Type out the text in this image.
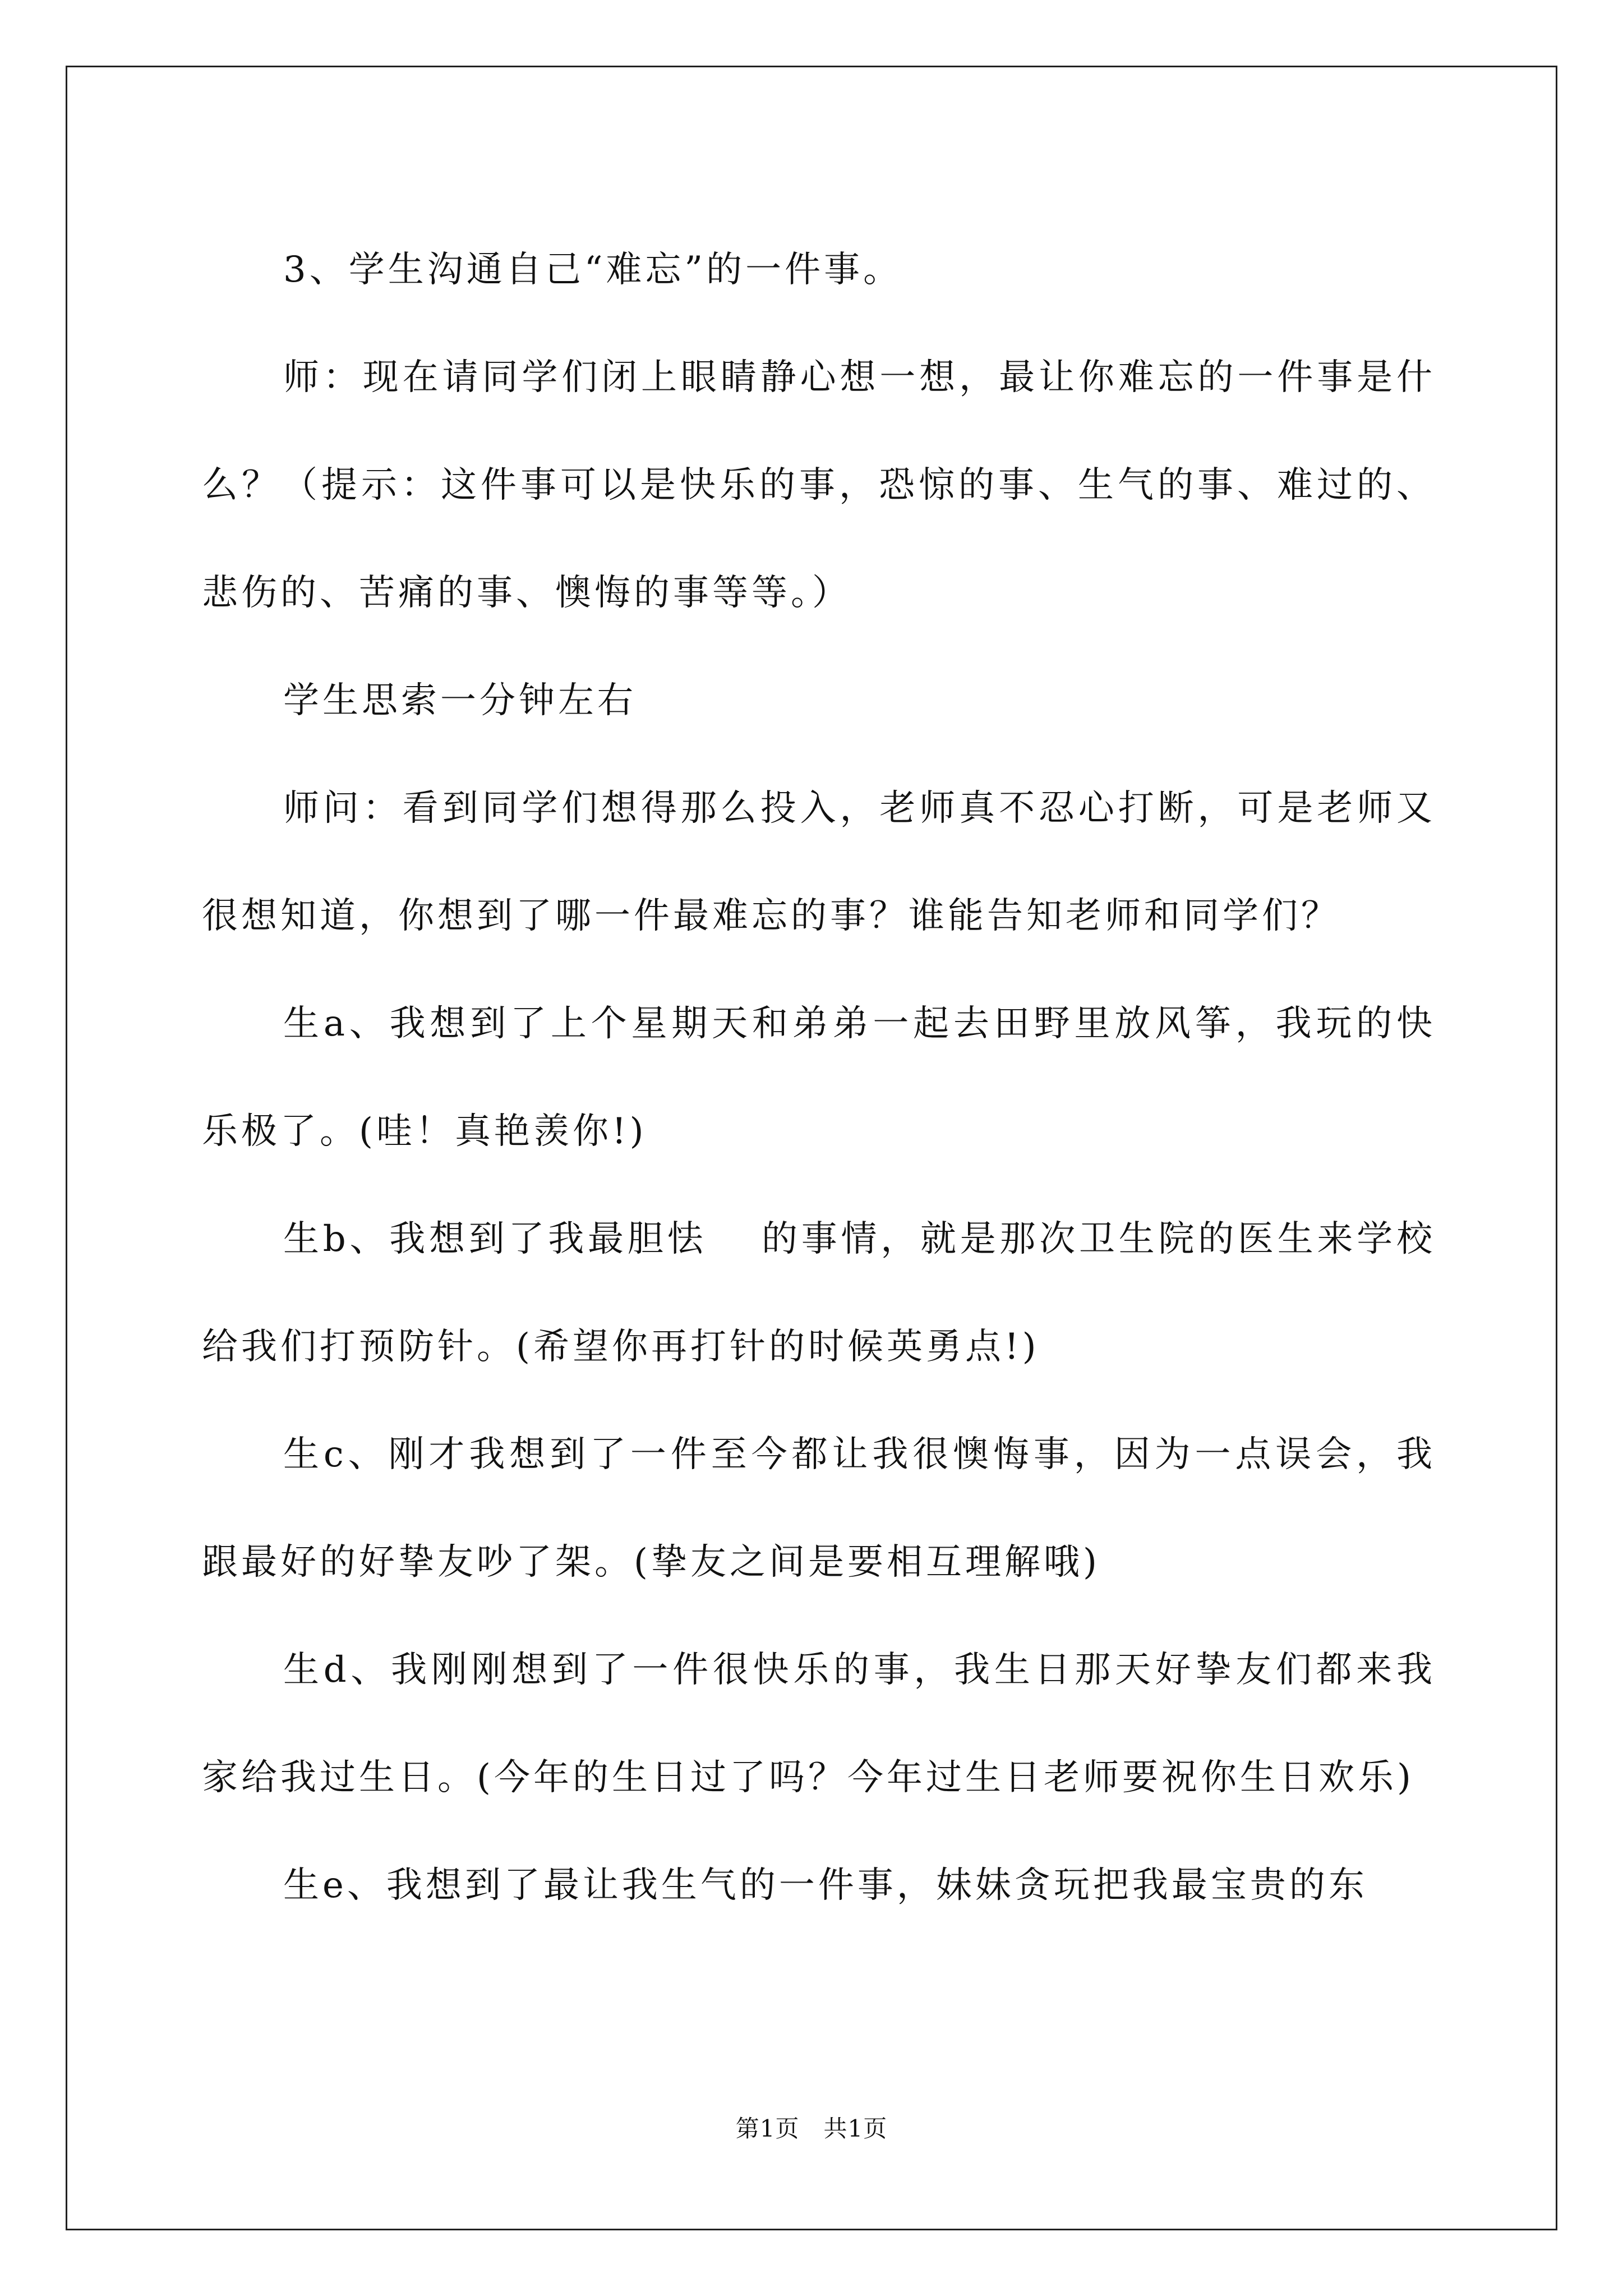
3、学生沟通自己“难忘”的一件事。

师：现在请同学们闭上眼睛静心想一想，最让你难忘的一件事是什么？（提示：这件事可以是快乐的事，恐惊的事、生气的事、难过的、悲伤的、苦痛的事、懊悔的事等等。）

学生思索一分钟左右

师问：看到同学们想得那么投入，老师真不忍心打断，可是老师又很想知道，你想到了哪一件最难忘的事？谁能告知老师和同学们？

生a、我想到了上个星期天和弟弟一起去田野里放风筝，我玩的快乐极了。(哇！真艳羡你!)

生b、我想到了我最胆怯　 的事情，就是那次卫生院的医生来学校给我们打预防针。(希望你再打针的时候英勇点!)

生c、刚才我想到了一件至今都让我很懊悔事，因为一点误会，我跟最好的好挚友吵了架。(挚友之间是要相互理解哦)

生d、我刚刚想到了一件很快乐的事，我生日那天好挚友们都来我家给我过生日。(今年的生日过了吗？今年过生日老师要祝你生日欢乐)

生e、我想到了最让我生气的一件事，妹妹贪玩把我最宝贵的东

第1页　共1页
